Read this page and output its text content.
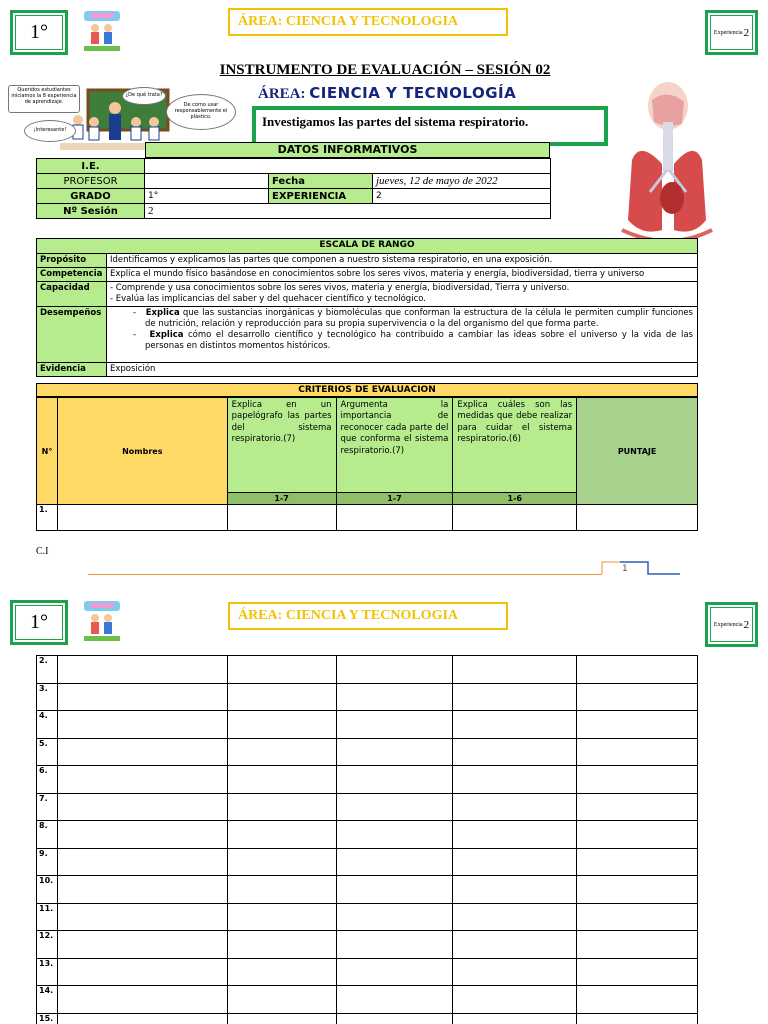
1°	ÁREA: CIENCIA Y TECNOLOGIA
Experiencia 2
INSTRUMENTO DE EVALUACIÓN – SESIÓN 02
Queridos estudiantes iniciamos la 8 experiencia de aprendizaje.
¿De qué trata?
De cómo usar responsablemente el plástico.
¡Interesante!
ÁREA: CIENCIA Y TECNOLOGÍA
Investigamos las partes del sistema respiratorio.
DATOS INFORMATIVOS
I.E.			
PROFESOR		Fecha	jueves, 12 de mayo de 2022
GRADO	1°	EXPERIENCIA	2
Nº Sesión	2		
ESCALA DE RANGO	
Propósito	Identificamos y explicamos las partes que componen a nuestro sistema respiratorio, en una exposición.
Competencia	Explica el mundo físico basándose en conocimientos sobre los seres vivos, materia y energía, biodiversidad, tierra y universo
Capacidad	- Comprende y usa conocimientos sobre los seres vivos, materia y energía, biodiversidad, Tierra y universo.
- Evalúa las implicancias del saber y del quehacer científico y tecnológico.

Desempeños	-   Explica que las sustancias inorgánicas y biomoléculas que conforman la estructura de la célula le permiten cumplir funciones de nutrición, relación y reproducción para su propia supervivencia o la del organismo del que forma parte.
-   Explica cómo el desarrollo científico y tecnológico ha contribuido a cambiar las ideas sobre el universo y la vida de las personas en distintos momentos históricos.

Evidencia	Exposición
CRITERIOS DE EVALUACION
N°	Nombres	Explica en un papelógrafo las partes del sistema respiratorio.(7)	Argumenta la importancia de reconocer cada parte del que conforma el sistema respiratorio.(7)	Explica cuáles son las medidas que debe realizar para cuidar el sistema respiratorio.(6)	PUNTAJE
		1-7	1-7	1-6	
1.					
C.I
1
1°	ÁREA: CIENCIA Y TECNOLOGIA
Experiencia 2
2.					
3.					
4.					
5.					
6.					
7.					
8.					
9.					
10.					
11.					
12.					
13.					
14.					
15.					
